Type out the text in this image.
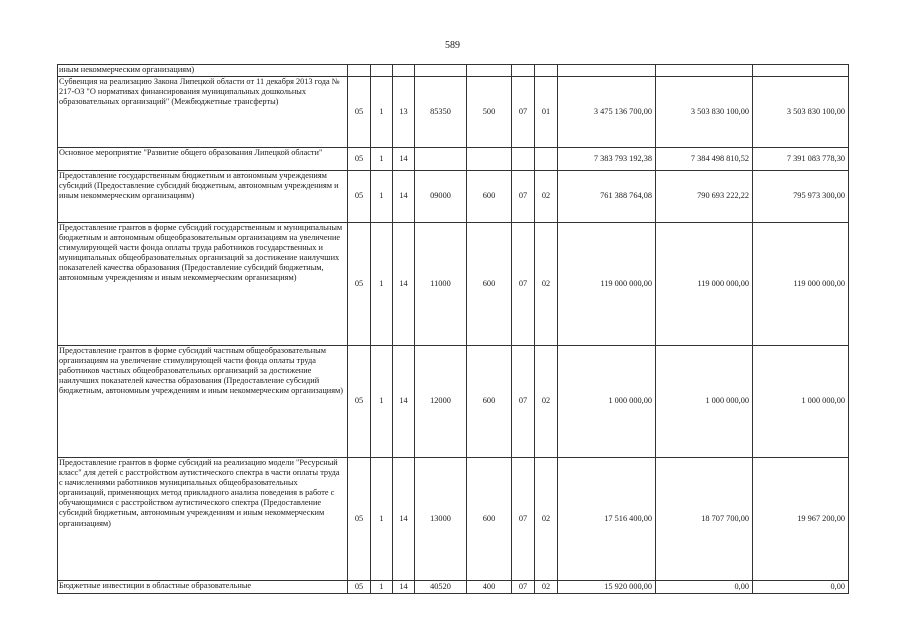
589
иным некоммерческим организациям)										
Субвенция на реализацию Закона Липецкой области от 11 декабря 2013 года № 217-ОЗ "О нормативах финансирования муниципальных дошкольных образовательных организаций" (Межбюджетные трансферты)	05	1	13	85350	500	07	01	3 475 136 700,00	3 503 830 100,00	3 503 830 100,00
Основное мероприятие "Развитие общего образования Липецкой области"	05	1	14					7 383 793 192,38	7 384 498 810,52	7 391 083 778,30
Предоставление государственным бюджетным и автономным учреждениям субсидий (Предоставление субсидий бюджетным, автономным учреждениям и иным некоммерческим организациям)	05	1	14	09000	600	07	02	761 388 764,08	790 693 222,22	795 973 300,00
Предоставление грантов в форме субсидий государственным и муниципальным бюджетным и автономным общеобразовательным организациям на увеличение стимулирующей части фонда оплаты труда работников государственных и муниципальных общеобразовательных организаций за достижение наилучших показателей качества образования (Предоставление субсидий бюджетным, автономным учреждениям и иным некоммерческим организациям)	05	1	14	11000	600	07	02	119 000 000,00	119 000 000,00	119 000 000,00
Предоставление грантов в форме субсидий частным общеобразовательным организациям на увеличение стимулирующей части фонда оплаты труда работников частных общеобразовательных организаций за достижение наилучших показателей качества образования (Предоставление субсидий бюджетным, автономным учреждениям и иным некоммерческим организациям)	05	1	14	12000	600	07	02	1 000 000,00	1 000 000,00	1 000 000,00
Предоставление грантов в форме субсидий на реализацию модели "Ресурсный класс" для детей с расстройством аутистического спектра в части оплаты труда с начислениями работников муниципальных общеобразовательных организаций, применяющих метод прикладного анализа поведения в работе с обучающимися с расстройством аутистического спектра (Предоставление субсидий бюджетным, автономным учреждениям и иным некоммерческим организациям)	05	1	14	13000	600	07	02	17 516 400,00	18 707 700,00	19 967 200,00
Бюджетные инвестиции в областные образовательные	05	1	14	40520	400	07	02	15 920 000,00	0,00	0,00
